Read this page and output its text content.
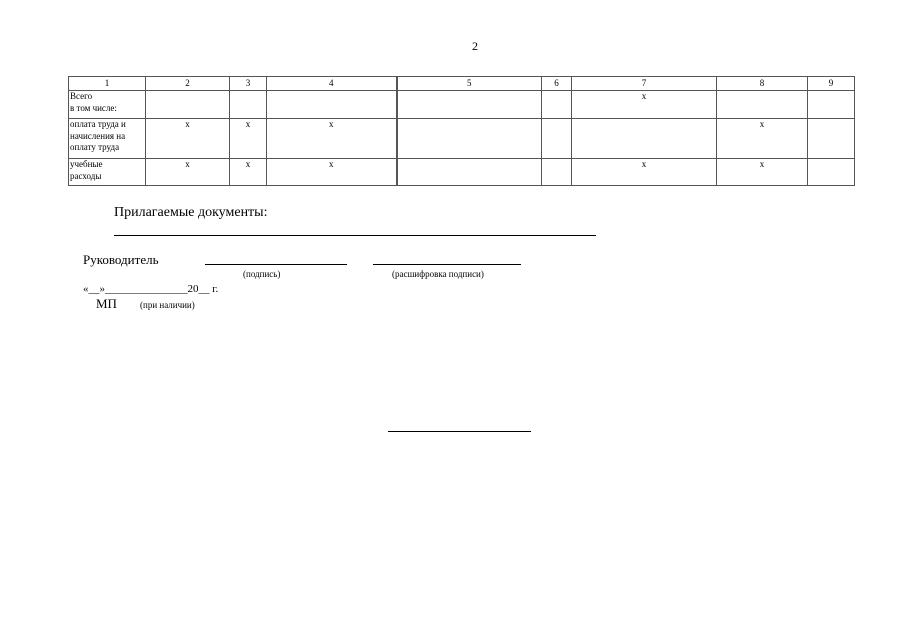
2
1	2	3	4	5	6	7	8	9
Всего
в том числе:						х		
оплата труда и
начисления на
оплату труда	х	х	х				х	
учебные
расходы	х	х	х			х	х	
Прилагаемые документы:
Руководитель
(подпись)	(расшифровка подписи)
«__»_______________20__ г.
МП	(при наличии)
